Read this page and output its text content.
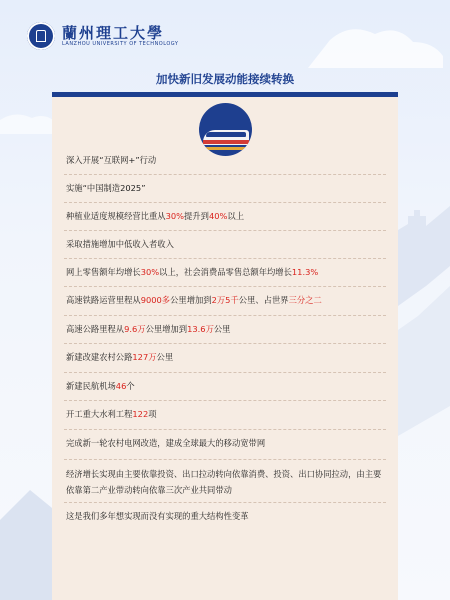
蘭州理工大學
LANZHOU UNIVERSITY OF TECHNOLOGY
加快新旧发展动能接续转换
深入开展“互联网+”行动
实施“中国制造2025”
种植业适度规模经营比重从30%提升到40%以上
采取措施增加中低收入者收入
网上零售额年均增长30%以上，社会消费品零售总额年均增长11.3%
高速铁路运营里程从9000多公里增加到2万5千公里、占世界三分之二
高速公路里程从9.6万公里增加到13.6万公里
新建改建农村公路127万公里
新建民航机场46个
开工重大水利工程122项
完成新一轮农村电网改造，建成全球最大的移动宽带网
经济增长实现由主要依靠投资、出口拉动转向依靠消费、投资、出口协同拉动，由主要依靠第二产业带动转向依靠三次产业共同带动
这是我们多年想实现而没有实现的重大结构性变革
